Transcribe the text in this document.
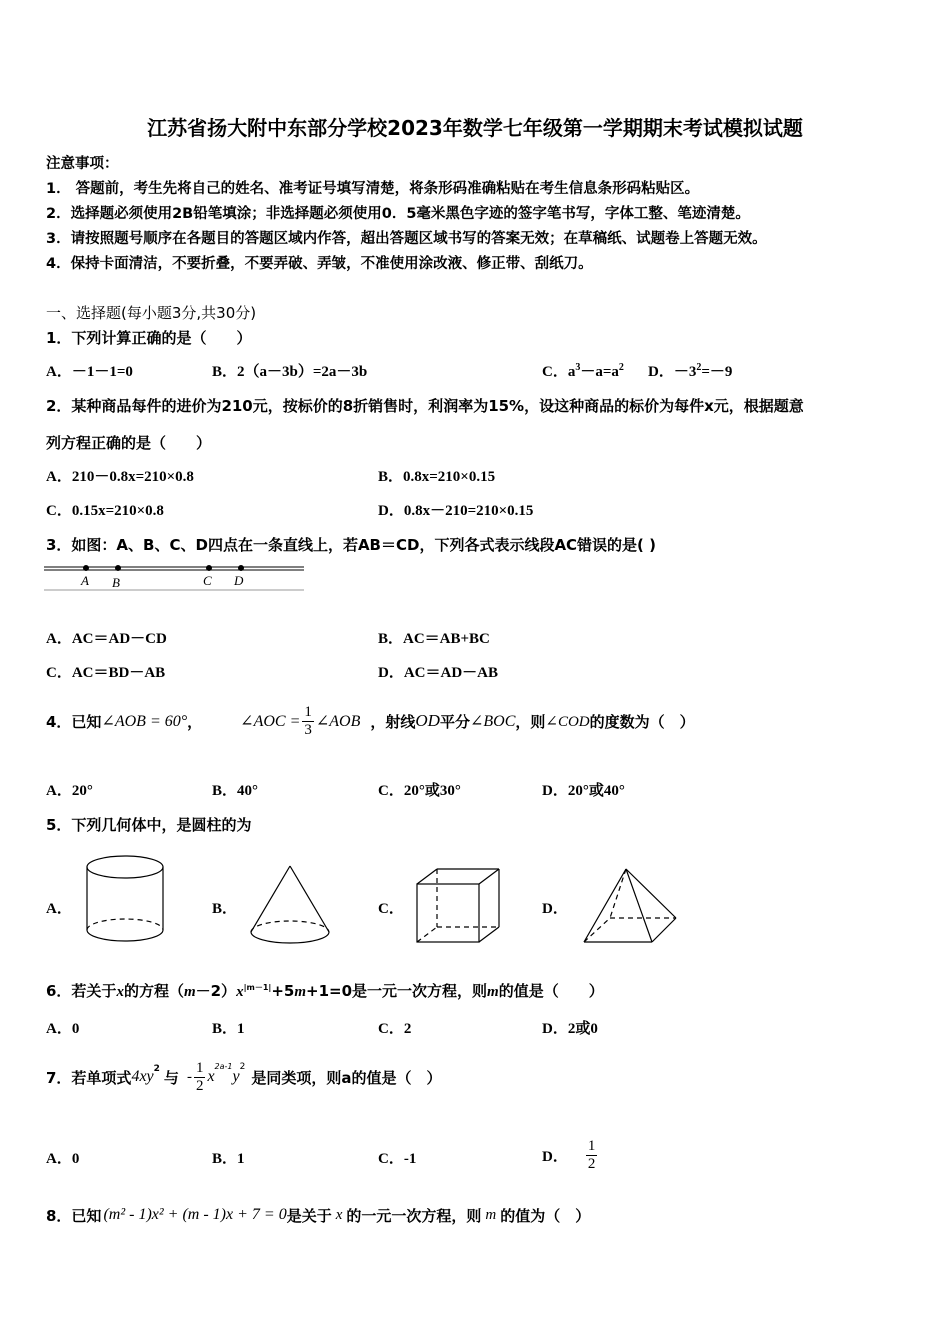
江苏省扬大附中东部分学校2023年数学七年级第一学期期末考试模拟试题
注意事项：
1． 答题前，考生先将自己的姓名、准考证号填写清楚，将条形码准确粘贴在考生信息条形码粘贴区。
2．选择题必须使用2B铅笔填涂；非选择题必须使用0．5毫米黑色字迹的签字笔书写，字体工整、笔迹清楚。
3．请按照题号顺序在各题目的答题区域内作答，超出答题区域书写的答案无效；在草稿纸、试题卷上答题无效。
4．保持卡面清洁，不要折叠，不要弄破、弄皱，不准使用涂改液、修正带、刮纸刀。
一、选择题(每小题3分,共30分)
1．下列计算正确的是（　　）
A．－1－1=0	B．2（a－3b）=2a－3b	C．$a^3-a=a^2$ D．$-3^2=-9$
2．某种商品每件的进价为210元，按标价的8折销售时，利润率为15%，设这种商品的标价为每件x元，根据题意
列方程正确的是（　　）
A．210－0.8x=210×0.8	B．0.8x=210×0.15
C．0.15x=210×0.8	D．0.8x－210=210×0.15
3．如图：A、B、C、D四点在一条直线上，若AB＝CD，下列各式表示线段AC错误的是( )
A B	C D
A．AC＝AD－CD	B．AC＝AB+BC
C．AC＝BD－AB	D．AC＝AD－AB
4．已知 ∠AOB = 60° ， ∠AOC = $\frac{1}{3}$ ∠AOB ，射线 OD 平分 ∠BOC ，则 ∠COD 的度数为（　）
A．20°	B．40°	C．20°或30°	D．20°或40°
5．下列几何体中，是圆柱的为
A．	B．	C．	D．
6．若关于x的方程$(m-2)x^{|m-1|}+5m+1=0$是一元一次方程，则m的值是（　　）
A．0	B．1	C．2	D．2或0
7．若单项式 $4xy^2$ 与 - $\frac{1}{2}$ x
$^{2a-1}$
y
$^2$
是同类项，则a的值是（　）
A．0	B．1	C．-1	D． $\frac{1}{2}$
8．已知 (m² - 1)x² + (m - 1)x + 7 = 0 是关于 x 的一元一次方程，则 m 的值为（　）
